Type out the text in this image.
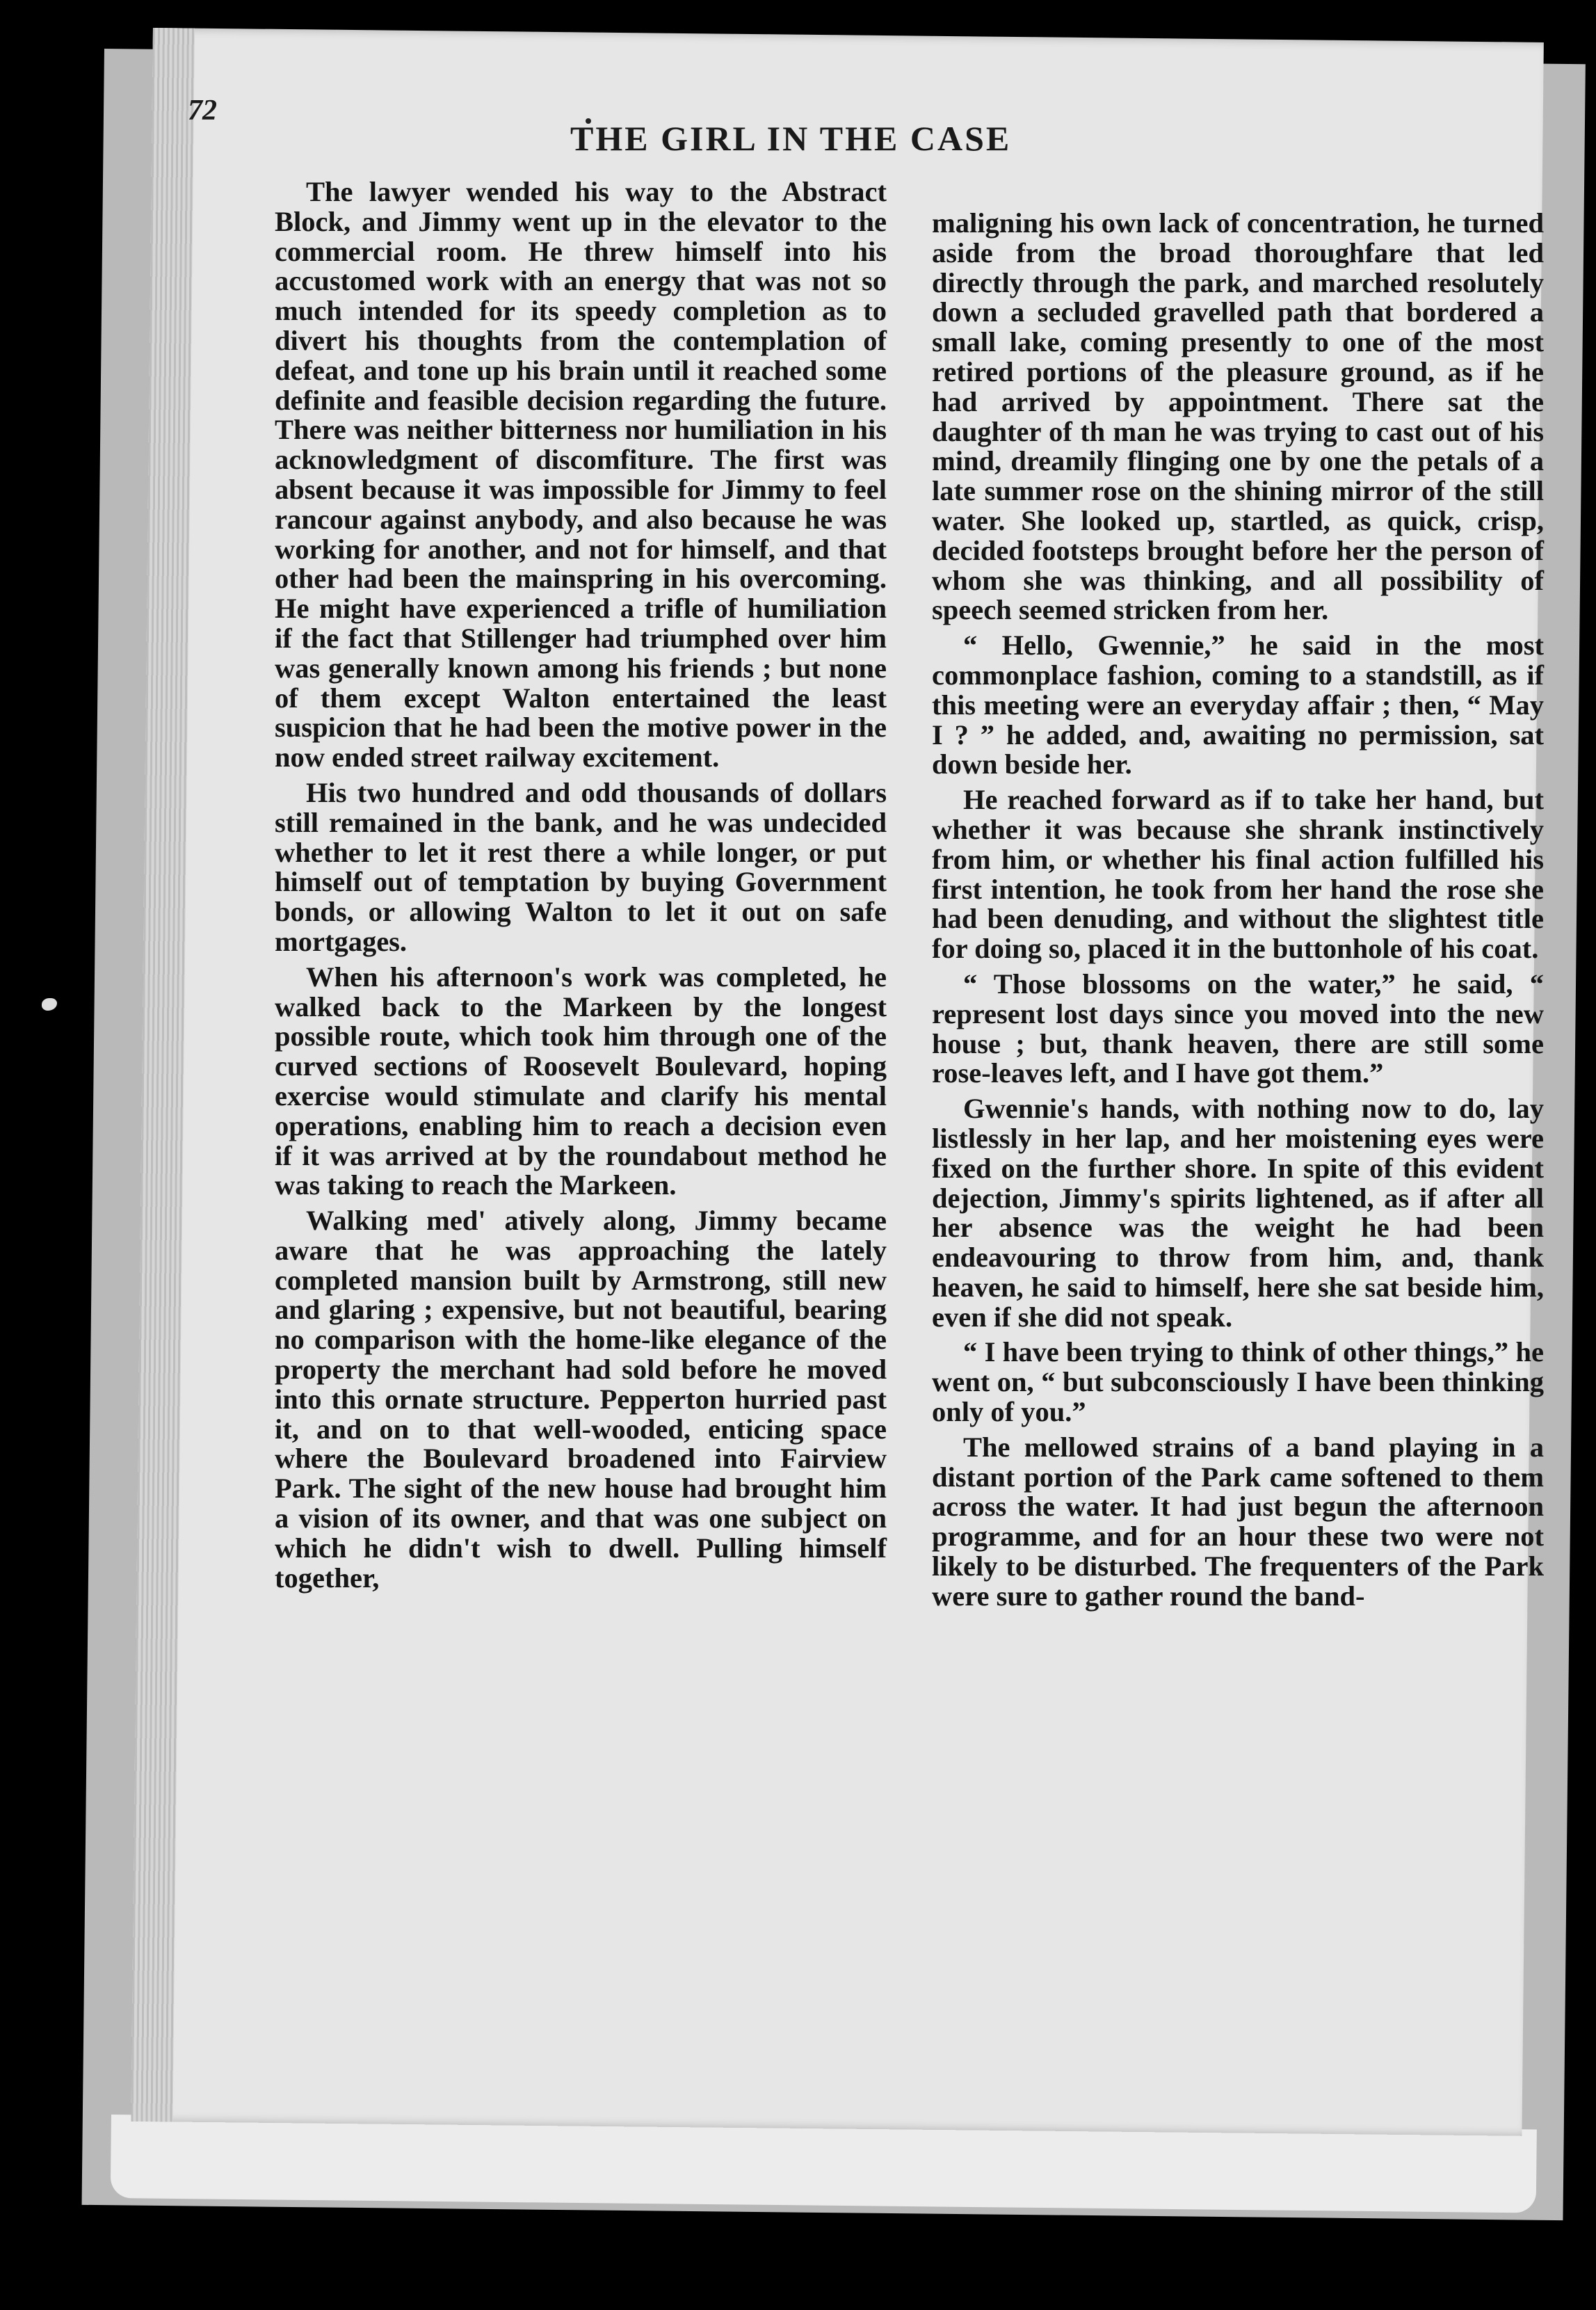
72
THE GIRL IN THE CASE

The lawyer wended his way to the Abstract Block, and Jimmy went up in the elevator to the commercial room. He threw himself into his accustomed work with an energy that was not so much intended for its speedy completion as to divert his thoughts from the contemplation of defeat, and tone up his brain until it reached some definite and feasible decision regarding the future. There was neither bitterness nor humiliation in his acknowledgment of discomfiture. The first was absent because it was impossible for Jimmy to feel rancour against anybody, and also because he was working for another, and not for himself, and that other had been the mainspring in his overcoming. He might have experienced a trifle of humiliation if the fact that Stillenger had triumphed over him was generally known among his friends ; but none of them except Walton entertained the least suspicion that he had been the motive power in the now ended street railway excitement.

His two hundred and odd thousands of dollars still remained in the bank, and he was undecided whether to let it rest there a while longer, or put himself out of temptation by buying Government bonds, or allowing Walton to let it out on safe mortgages.

When his afternoon's work was completed, he walked back to the Markeen by the longest possible route, which took him through one of the curved sections of Roosevelt Boulevard, hoping exercise would stimulate and clarify his mental operations, enabling him to reach a decision even if it was arrived at by the roundabout method he was taking to reach the Markeen.

Walking med' atively along, Jimmy became aware that he was approaching the lately completed mansion built by Armstrong, still new and glaring ; expensive, but not beautiful, bearing no comparison with the home-like elegance of the property the merchant had sold before he moved into this ornate structure. Pepperton hurried past it, and on to that well-wooded, enticing space where the Boulevard broadened into Fairview Park. The sight of the new house had brought him a vision of its owner, and that was one subject on which he didn't wish to dwell. Pulling himself together,

maligning his own lack of concentration, he turned aside from the broad thoroughfare that led directly through the park, and marched resolutely down a secluded gravelled path that bordered a small lake, coming presently to one of the most retired portions of the pleasure ground, as if he had arrived by appointment. There sat the daughter of th man he was trying to cast out of his mind, dreamily flinging one by one the petals of a late summer rose on the shining mirror of the still water. She looked up, startled, as quick, crisp, decided footsteps brought before her the person of whom she was thinking, and all possibility of speech seemed stricken from her.

“ Hello, Gwennie,” he said in the most commonplace fashion, coming to a standstill, as if this meeting were an everyday affair ; then, “ May I ? ” he added, and, awaiting no permission, sat down beside her.

He reached forward as if to take her hand, but whether it was because she shrank instinctively from him, or whether his final action fulfilled his first intention, he took from her hand the rose she had been denuding, and without the slightest title for doing so, placed it in the buttonhole of his coat.

“ Those blossoms on the water,” he said, “ represent lost days since you moved into the new house ; but, thank heaven, there are still some rose-leaves left, and I have got them.”

Gwennie's hands, with nothing now to do, lay listlessly in her lap, and her moistening eyes were fixed on the further shore. In spite of this evident dejection, Jimmy's spirits lightened, as if after all her absence was the weight he had been endeavouring to throw from him, and, thank heaven, he said to himself, here she sat beside him, even if she did not speak.

“ I have been trying to think of other things,” he went on, “ but subconsciously I have been thinking only of you.”

The mellowed strains of a band playing in a distant portion of the Park came softened to them across the water. It had just begun the afternoon programme, and for an hour these two were not likely to be disturbed. The frequenters of the Park were sure to gather round the band-
